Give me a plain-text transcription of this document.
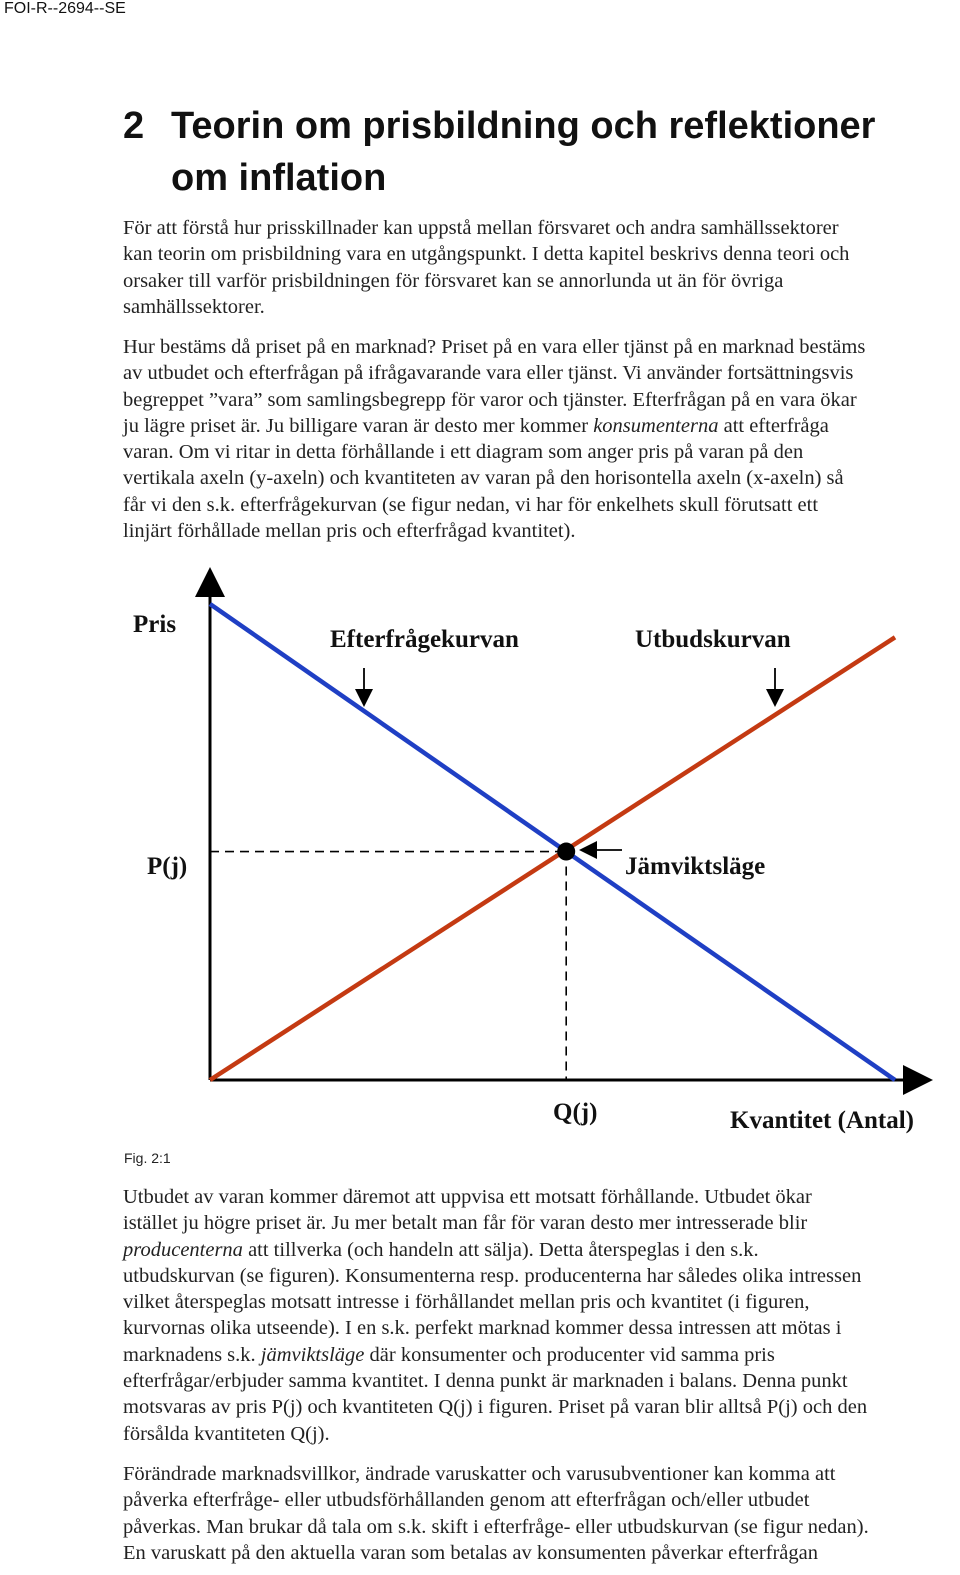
FOI-R--2694--SE
2 Teorin om prisbildning och reflektioner
om inflation

För att förstå hur prisskillnader kan uppstå mellan försvaret och andra samhällssektorer
kan teorin om prisbildning vara en utgångspunkt. I detta kapitel beskrivs denna teori och
orsaker till varför prisbildningen för försvaret kan se annorlunda ut än för övriga
samhällssektorer.

Hur bestäms då priset på en marknad? Priset på en vara eller tjänst på en marknad bestäms
av utbudet och efterfrågan på ifrågavarande vara eller tjänst. Vi använder fortsättningsvis
begreppet ”vara” som samlingsbegrepp för varor och tjänster. Efterfrågan på en vara ökar
ju lägre priset är. Ju billigare varan är desto mer kommer konsumenterna att efterfråga
varan. Om vi ritar in detta förhållande i ett diagram som anger pris på varan på den
vertikala axeln (y-axeln) och kvantiteten av varan på den horisontella axeln (x-axeln) så
får vi den s.k. efterfrågekurvan (se figur nedan, vi har för enkelhets skull förutsatt ett
linjärt förhållade mellan pris och efterfrågad kvantitet).

Pris
Efterfrågekurvan	Utbudskurvan
P(j)	Jämviktsläge
Q(j)	Kvantitet (Antal)
Fig. 2:1

Utbudet av varan kommer däremot att uppvisa ett motsatt förhållande. Utbudet ökar
istället ju högre priset är. Ju mer betalt man får för varan desto mer intresserade blir
producenterna att tillverka (och handeln att sälja). Detta återspeglas i den s.k.
utbudskurvan (se figuren). Konsumenterna resp. producenterna har således olika intressen
vilket återspeglas motsatt intresse i förhållandet mellan pris och kvantitet (i figuren,
kurvornas olika utseende). I en s.k. perfekt marknad kommer dessa intressen att mötas i
marknadens s.k. jämviktsläge där konsumenter och producenter vid samma pris
efterfrågar/erbjuder samma kvantitet. I denna punkt är marknaden i balans. Denna punkt
motsvaras av pris P(j) och kvantiteten Q(j) i figuren. Priset på varan blir alltså P(j) och den
försålda kvantiteten Q(j).

Förändrade marknadsvillkor, ändrade varuskatter och varusubventioner kan komma att
påverka efterfråge- eller utbudsförhållanden genom att efterfrågan och/eller utbudet
påverkas. Man brukar då tala om s.k. skift i efterfråge- eller utbudskurvan (se figur nedan).
En varuskatt på den aktuella varan som betalas av konsumenten påverkar efterfrågan
